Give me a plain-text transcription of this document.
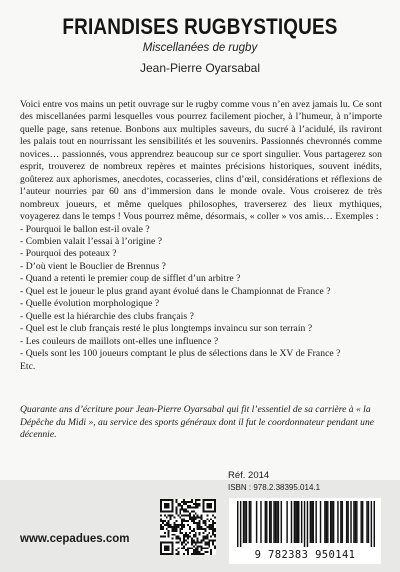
FRIANDISES RUGBYSTIQUES
Miscellanées de rugby
Jean-Pierre Oyarsabal
Voici entre vos mains un petit ouvrage sur le rugby comme vous n’en avez jamais lu. Ce sont des miscellanées parmi lesquelles vous pourrez facilement piocher, à l’humeur, à n’importe quelle page, sans retenue. Bonbons aux multiples saveurs, du sucré à l’acidulé, ils raviront les palais tout en nourrissant les sensibilités et les souvenirs. Passionnés chevronnés comme novices… passionnés, vous apprendrez beaucoup sur ce sport singulier. Vous partagerez son esprit, trouverez de nombreux repères et maintes précisions historiques, souvent inédits, goûterez aux aphorismes, anecdotes, cocasseries, clins d’œil, considérations et réflexions de l’auteur nourries par 60 ans d’immersion dans le monde ovale. Vous croiserez de très nombreux joueurs, et même quelques philosophes, traverserez des lieux mythiques, voyagerez dans le temps ! Vous pourrez même, désormais, « coller » vos amis… Exemples :
- Pourquoi le ballon est-il ovale ?
- Combien valait l’essai à l’origine ?
- Pourquoi des poteaux ?
- D’où vient le Bouclier de Brennus ?
- Quand a retenti le premier coup de sifflet d’un arbitre ?
- Quel est le joueur le plus grand ayant évolué dans le Championnat de France ?
- Quelle évolution morphologique ?
- Quelle est la hiérarchie des clubs français ?
- Quel est le club français resté le plus longtemps invaincu sur son terrain ?
- Les couleurs de maillots ont-elles une influence ?
- Quels sont les 100 joueurs comptant le plus de sélections dans le XV de France ?
Etc.
Quarante ans d’écriture pour Jean-Pierre Oyarsabal qui fit l’essentiel de sa carrière à « la Dépêche du Midi », au service des sports généraux dont il fut le coordonnateur pendant une décennie.
Réf. 2014
ISBN : 978.2.38395.014.1
9 782383 950141
www.cepadues.com
